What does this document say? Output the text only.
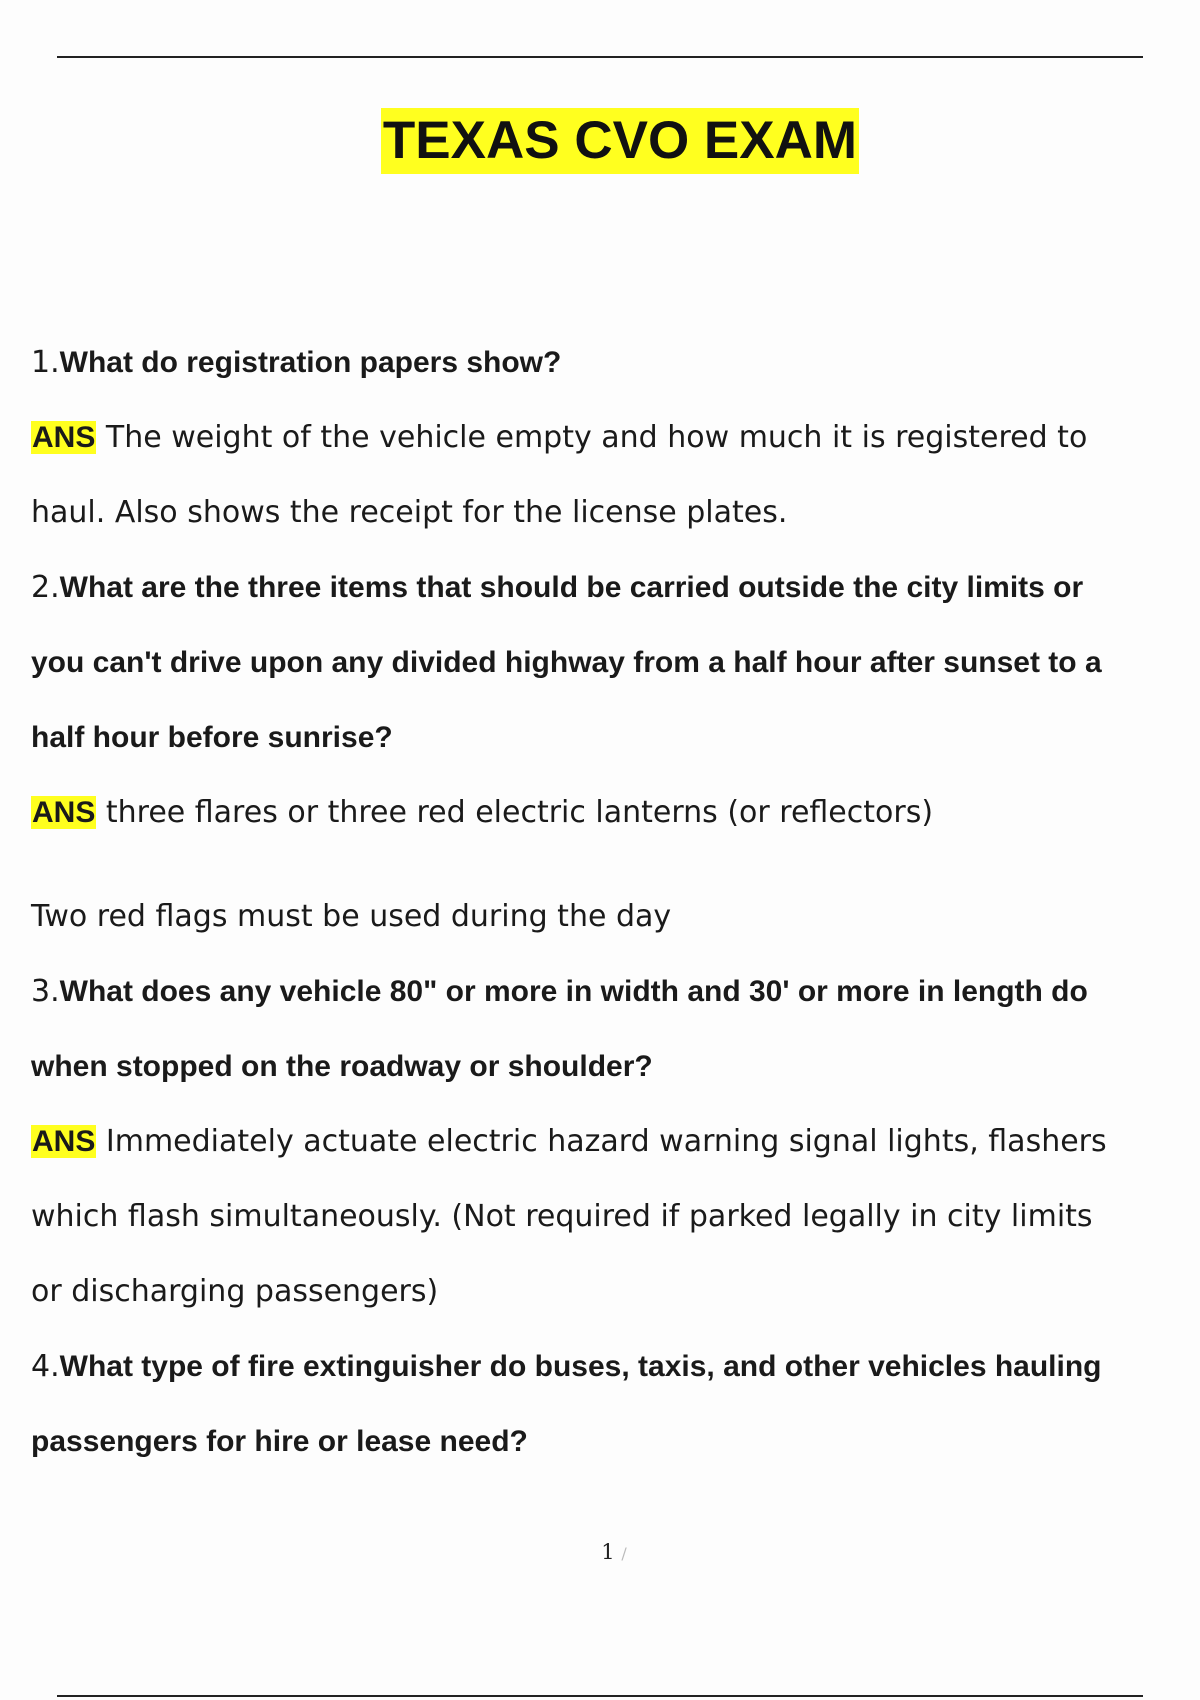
TEXAS CVO EXAM
1.What do registration papers show?
ANS The weight of the vehicle empty and how much it is registered to
haul. Also shows the receipt for the license plates.
2.What are the three items that should be carried outside the city limits or
you can't drive upon any divided highway from a half hour after sunset to a
half hour before sunrise?
ANS three flares or three red electric lanterns (or reflectors)
Two red flags must be used during the day
3.What does any vehicle 80" or more in width and 30' or more in length do
when stopped on the roadway or shoulder?
ANS Immediately actuate electric hazard warning signal lights, flashers
which flash simultaneously. (Not required if parked legally in city limits
or discharging passengers)
4.What type of fire extinguisher do buses, taxis, and other vehicles hauling
passengers for hire or lease need?
1 /
